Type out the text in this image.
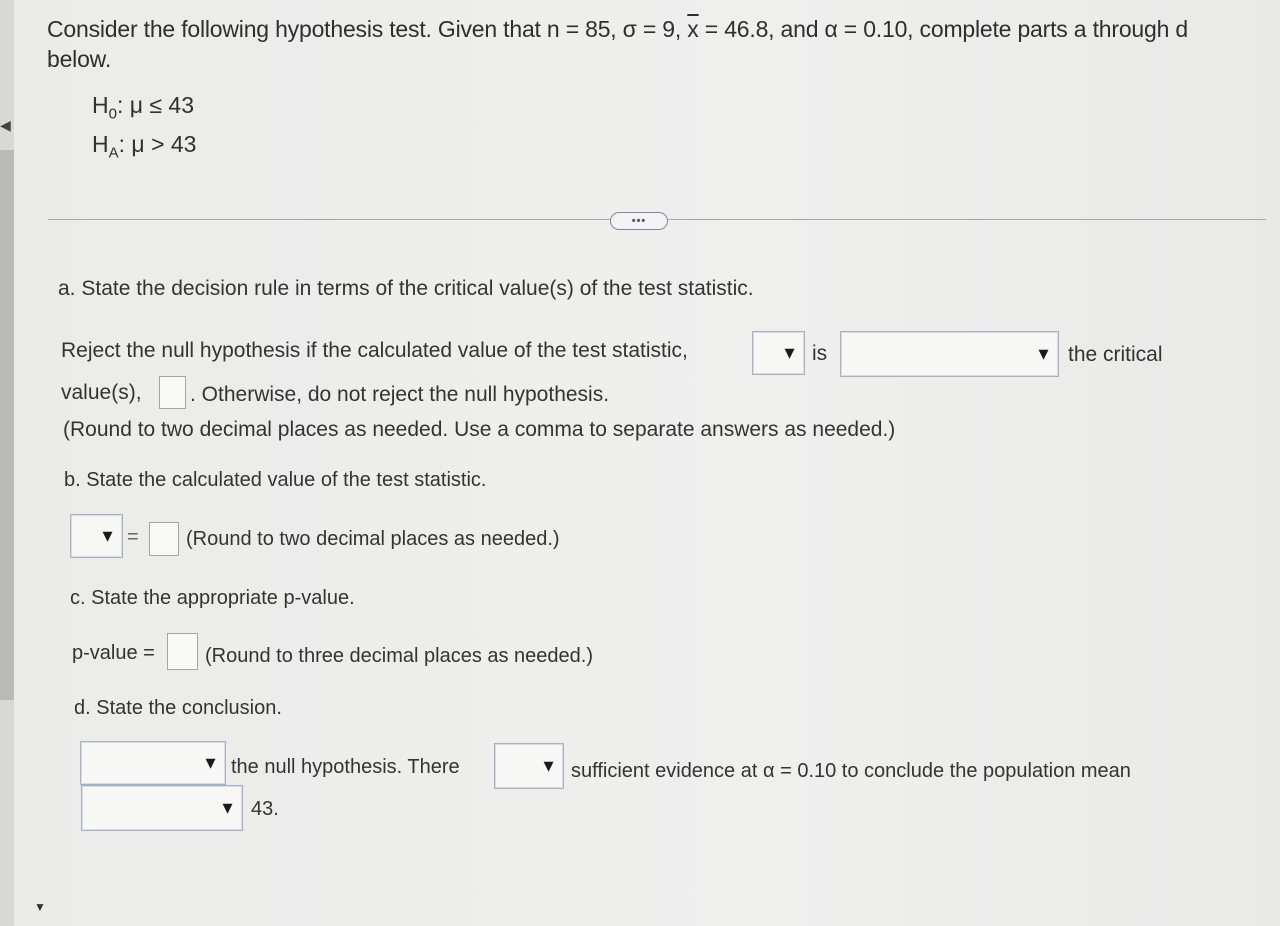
◀
▼
Consider the following hypothesis test. Given that n = 85, σ = 9, $\overline{x} = 46.8$, and α = 0.10, complete parts a through d
below.
$H_0$: μ ≤ 43
$H_A$: μ > 43
•••
a. State the decision rule in terms of the critical value(s) of the test statistic.
Reject the null hypothesis if the calculated value of the test statistic,	▼ is	▼ the critical
value(s), . Otherwise, do not reject the null hypothesis.
(Round to two decimal places as needed. Use a comma to separate answers as needed.)
b. State the calculated value of the test statistic.
▼ = (Round to two decimal places as needed.)
c. State the appropriate p-value.
p-value =	(Round to three decimal places as needed.)
d. State the conclusion.
▼ the null hypothesis. There	▼ sufficient evidence at α = 0.10 to conclude the population mean
▼ 43.
